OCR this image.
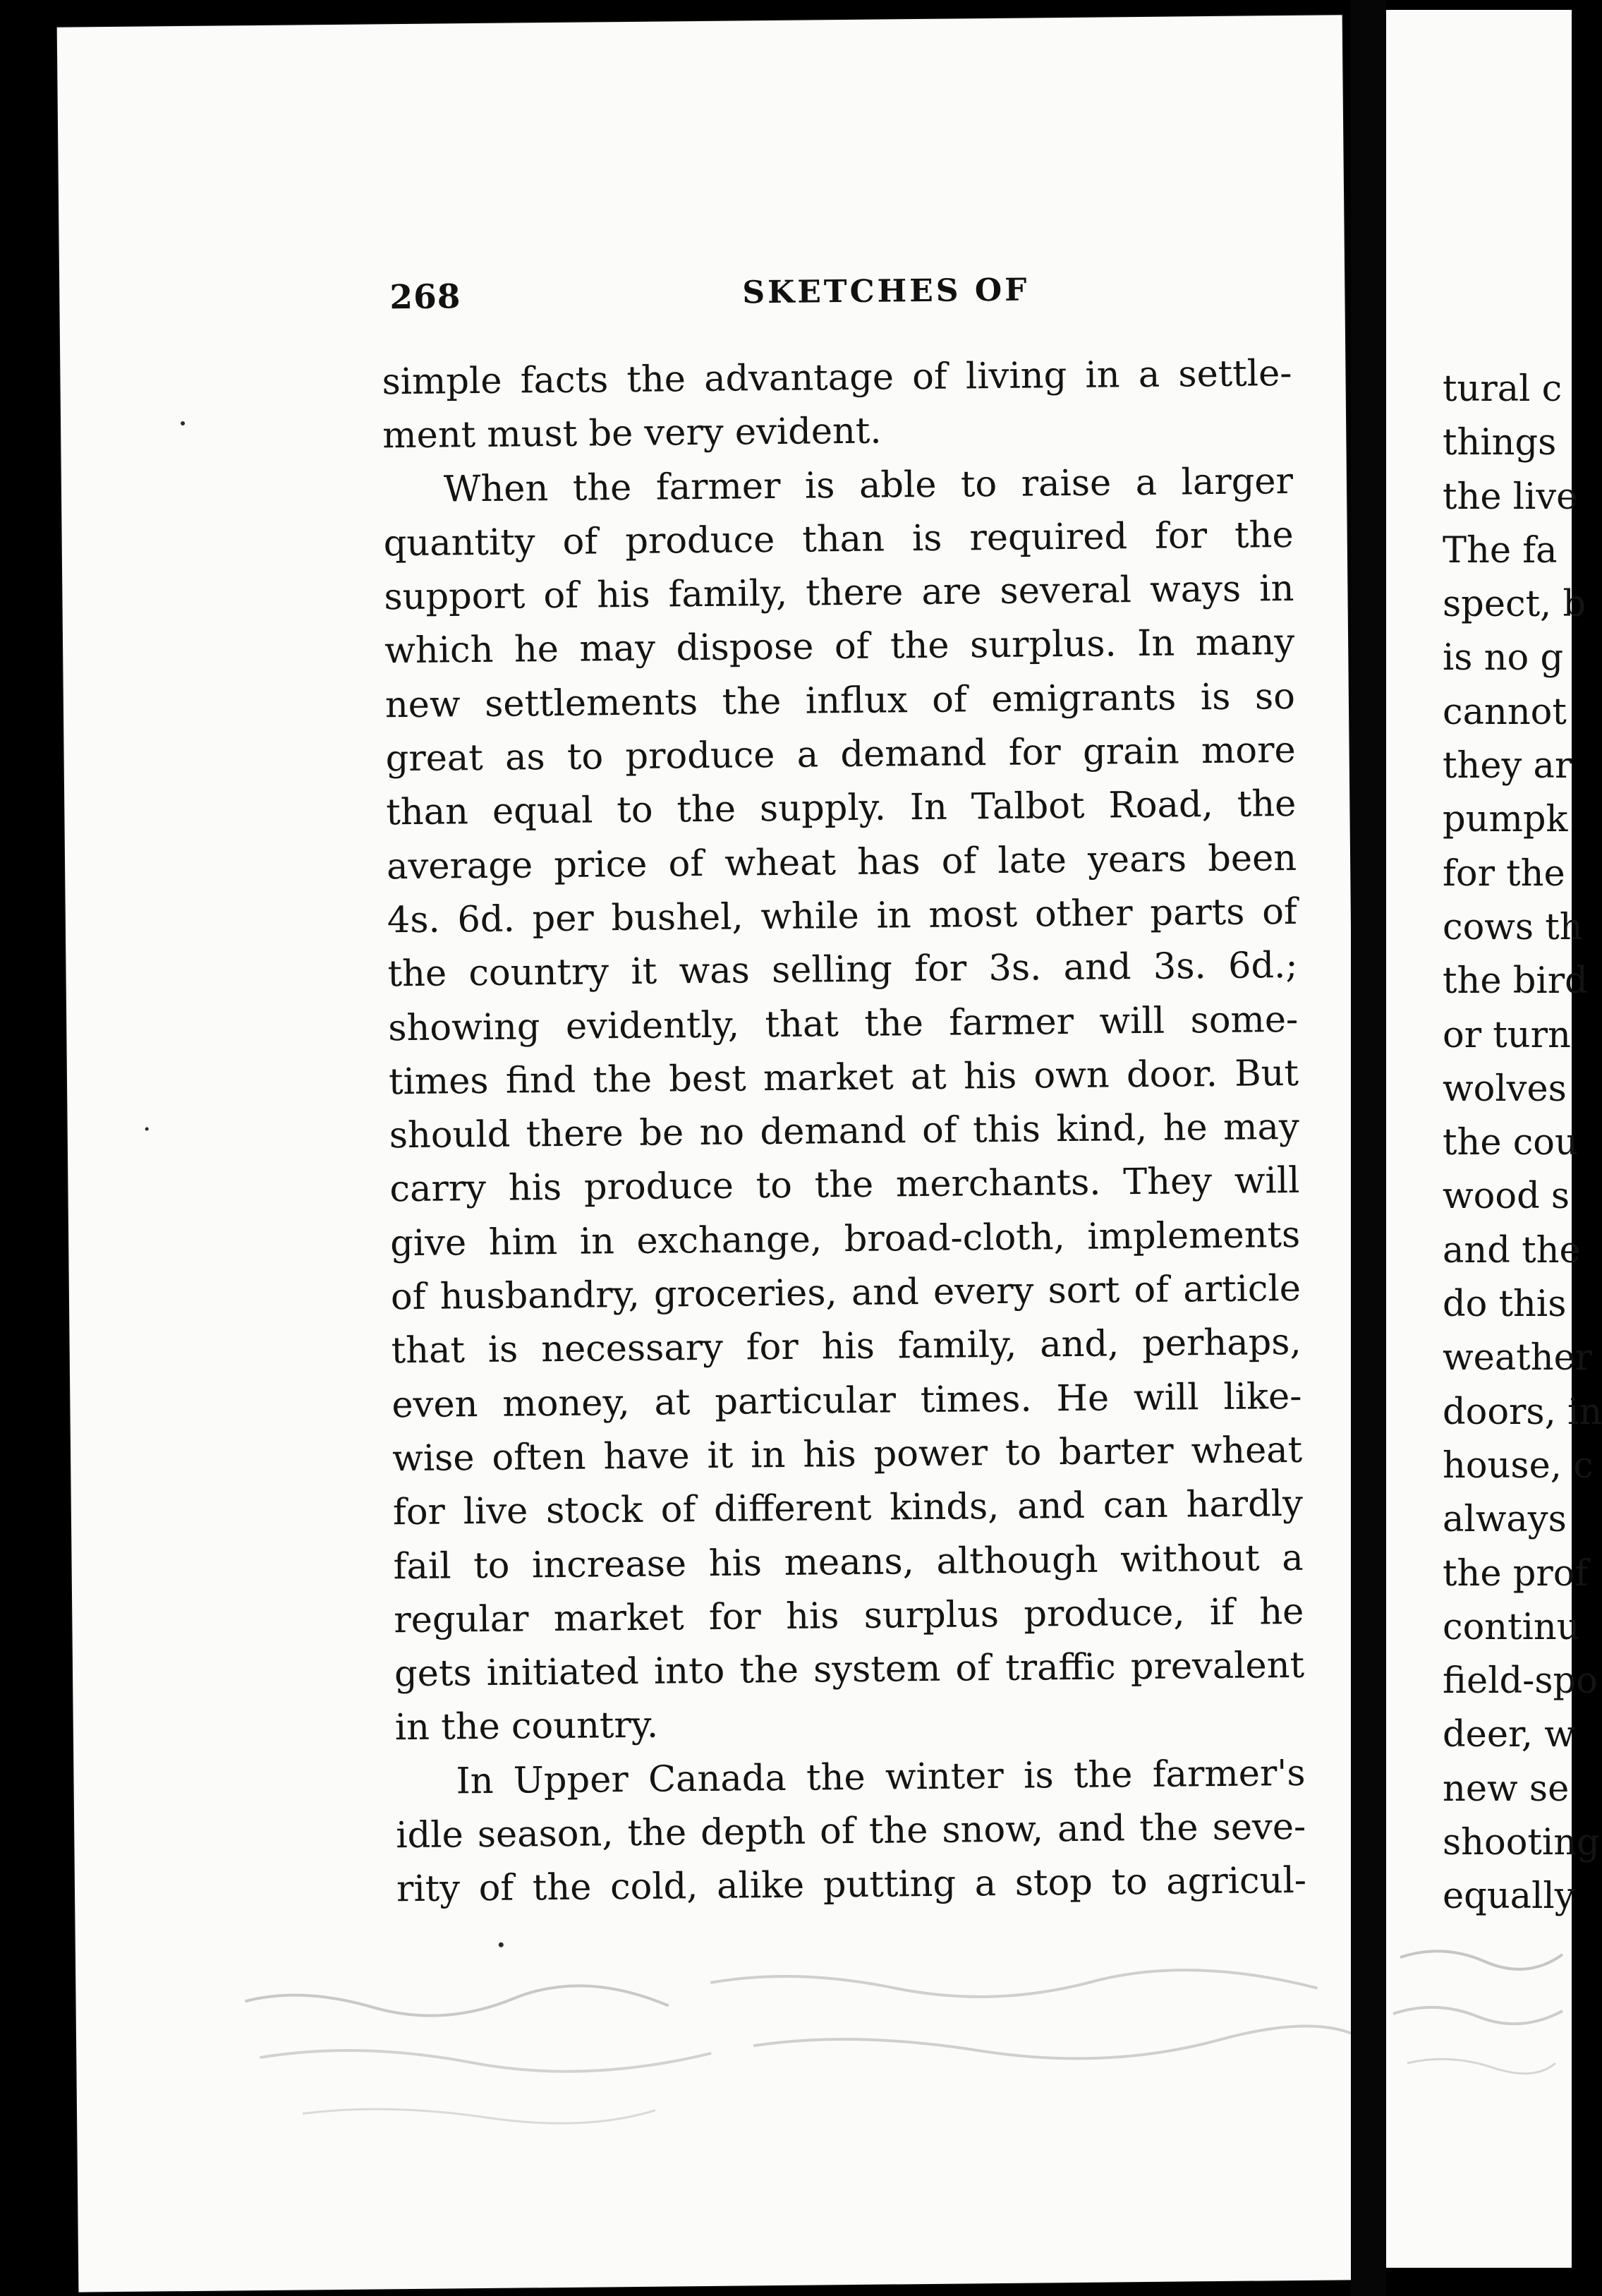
268	SKETCHES OF
simple facts the advantage of living in a settle-
ment must be very evident.
When the farmer is able to raise a larger
quantity of produce than is required for the
support of his family, there are several ways in
which he may dispose of the surplus. In many
new settlements the influx of emigrants is so
great as to produce a demand for grain more
than equal to the supply. In Talbot Road, the
average price of wheat has of late years been
4s. 6d. per bushel, while in most other parts of
the country it was selling for 3s. and 3s. 6d.;
showing evidently, that the farmer will some-
times find the best market at his own door. But
should there be no demand of this kind, he may
carry his produce to the merchants. They will
give him in exchange, broad-cloth, implements
of husbandry, groceries, and every sort of article
that is necessary for his family, and, perhaps,
even money, at particular times. He will like-
wise often have it in his power to barter wheat
for live stock of different kinds, and can hardly
fail to increase his means, although without a
regular market for his surplus produce, if he
gets initiated into the system of traffic prevalent
in the country.
In Upper Canada the winter is the farmer's
idle season, the depth of the snow, and the seve-
rity of the cold, alike putting a stop to agricul-
tural c
things
the live
The fa
spect, b
is no g
cannot
they ar
pumpk
for the
cows th
the bird
or turn
wolves
the cou
wood s
and the
do this
weather
doors, in
house, c
always
the prof
continu
field-spo
deer, w
new se
shooting
equally
